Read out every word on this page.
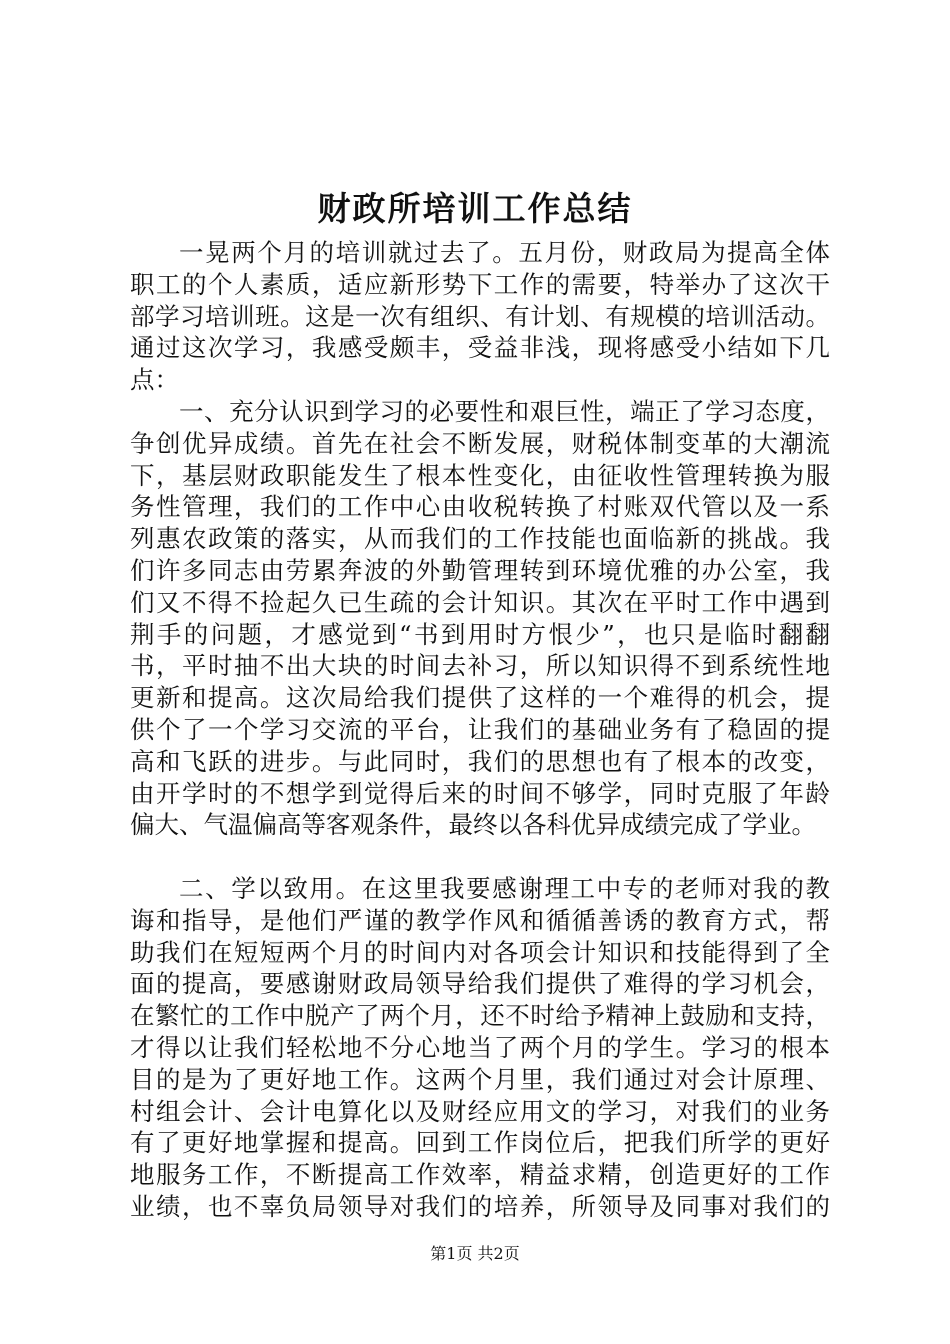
财政所培训工作总结
一晃两个月的培训就过去了。五月份，财政局为提高全体
职工的个人素质，适应新形势下工作的需要，特举办了这次干
部学习培训班。这是一次有组织、有计划、有规模的培训活动。
通过这次学习，我感受颇丰，受益非浅，现将感受小结如下几
点：
一、充分认识到学习的必要性和艰巨性，端正了学习态度，
争创优异成绩。首先在社会不断发展，财税体制变革的大潮流
下，基层财政职能发生了根本性变化，由征收性管理转换为服
务性管理，我们的工作中心由收税转换了村账双代管以及一系
列惠农政策的落实，从而我们的工作技能也面临新的挑战。我
们许多同志由劳累奔波的外勤管理转到环境优雅的办公室，我
们又不得不捡起久已生疏的会计知识。其次在平时工作中遇到
荆手的问题，才感觉到“书到用时方恨少”，也只是临时翻翻
书，平时抽不出大块的时间去补习，所以知识得不到系统性地
更新和提高。这次局给我们提供了这样的一个难得的机会，提
供个了一个学习交流的平台，让我们的基础业务有了稳固的提
高和飞跃的进步。与此同时，我们的思想也有了根本的改变，
由开学时的不想学到觉得后来的时间不够学，同时克服了年龄
偏大、气温偏高等客观条件，最终以各科优异成绩完成了学业。
二、学以致用。在这里我要感谢理工中专的老师对我的教
诲和指导，是他们严谨的教学作风和循循善诱的教育方式，帮
助我们在短短两个月的时间内对各项会计知识和技能得到了全
面的提高，要感谢财政局领导给我们提供了难得的学习机会，
在繁忙的工作中脱产了两个月，还不时给予精神上鼓励和支持，
才得以让我们轻松地不分心地当了两个月的学生。学习的根本
目的是为了更好地工作。这两个月里，我们通过对会计原理、
村组会计、会计电算化以及财经应用文的学习，对我们的业务
有了更好地掌握和提高。回到工作岗位后，把我们所学的更好
地服务工作，不断提高工作效率，精益求精，创造更好的工作
业绩，也不辜负局领导对我们的培养，所领导及同事对我们的
第1页 共2页
